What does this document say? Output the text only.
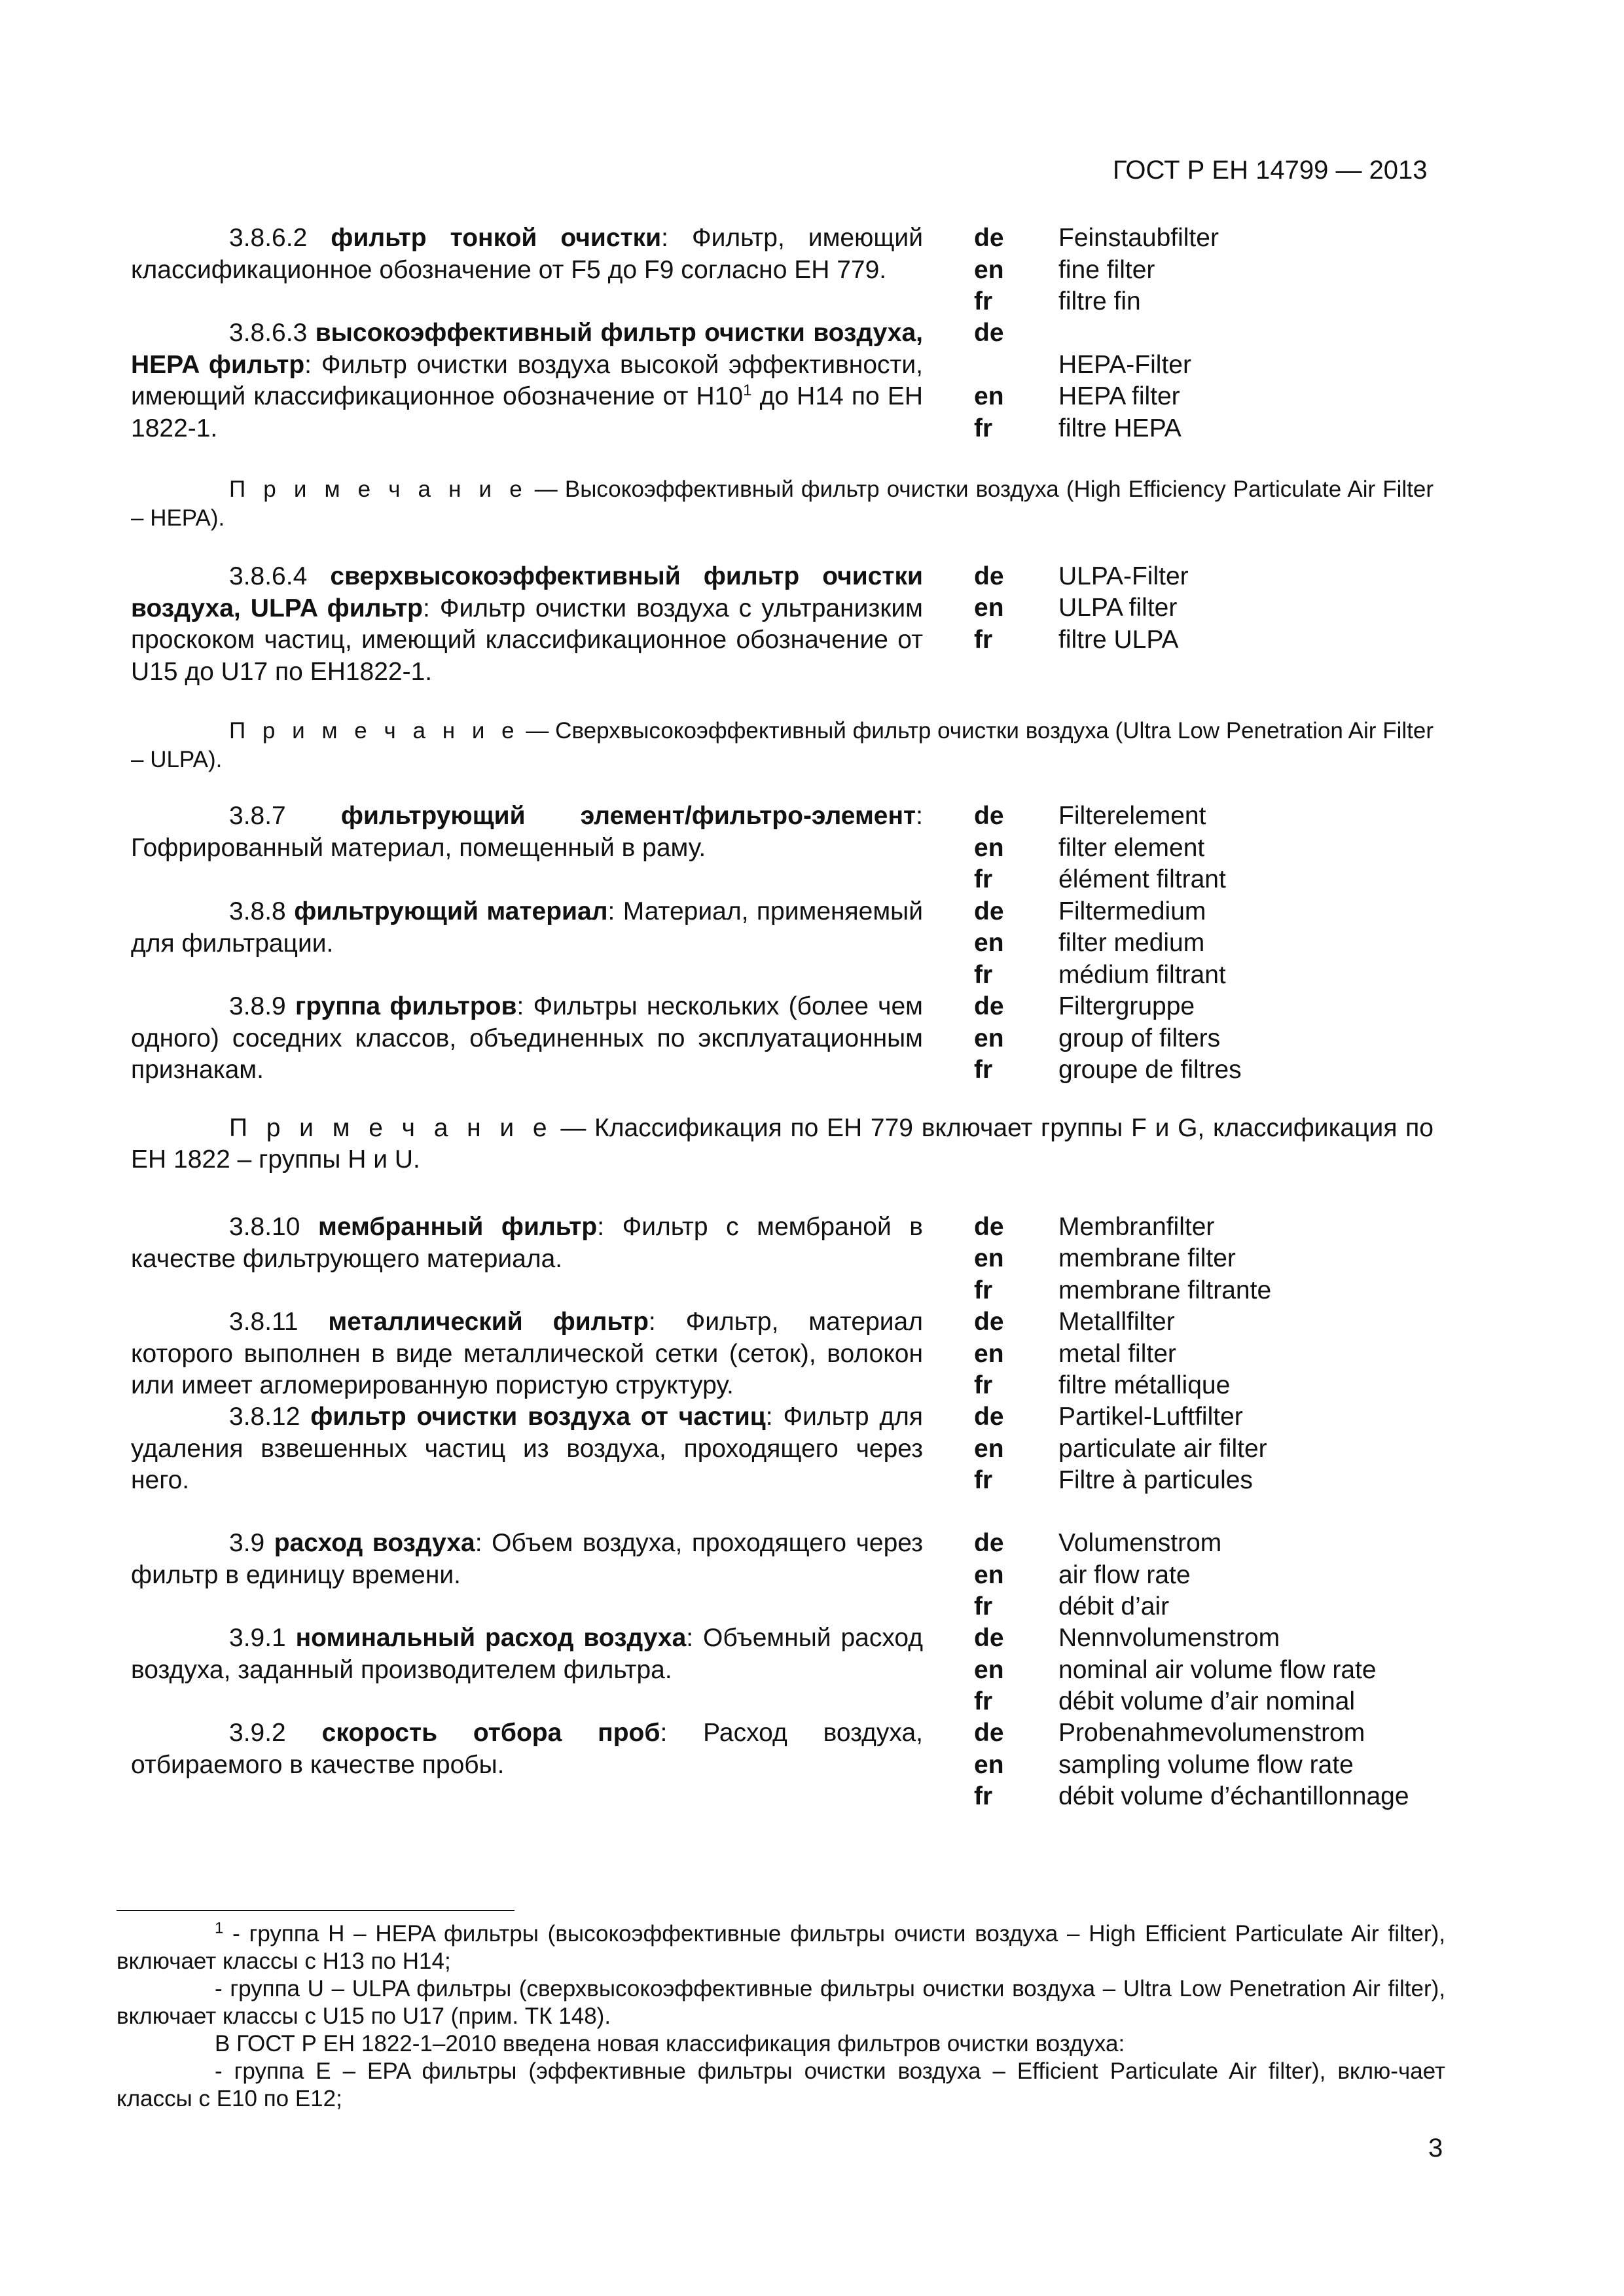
ГОСТ Р ЕН 14799 — 2013

3.8.6.2 фильтр тонкой очистки: Фильтр, имеющий классификационное обозначение от F5 до F9 согласно ЕН 779.

3.8.6.3 высокоэффективный фильтр очистки воздуха, HEPA фильтр: Фильтр очистки воздуха высокой эффективности, имеющий классификационное обозначение от $H10^1$ до H14 по ЕН 1822-1.

П р и м е ч а н и е — Высокоэффективный фильтр очистки воздуха (High Efficiency Particulate Air Filter – HEPA).

3.8.6.4 сверхвысокоэффективный фильтр очистки воздуха, ULPA фильтр: Фильтр очистки воздуха с ультранизким проскоком частиц, имеющий классификационное обозначение от U15 до U17 по ЕН1822-1.

П р и м е ч а н и е — Сверхвысокоэффективный фильтр очистки воздуха (Ultra Low Penetration Air Filter – ULPA).

3.8.7 фильтрующий элемент/фильтро-элемент: Гофрированный материал, помещенный в раму.

3.8.8 фильтрующий материал: Материал, применяемый для фильтрации.

3.8.9 группа фильтров: Фильтры нескольких (более чем одного) соседних классов, объединенных по эксплуатационным признакам.

П р и м е ч а н и е — Классификация по ЕН 779 включает группы F и G, классификация по ЕН 1822 – группы H и U.

3.8.10 мембранный фильтр: Фильтр с мембраной в качестве фильтрующего материала.

3.8.11 металлический фильтр: Фильтр, материал которого выполнен в виде металлической сетки (сеток), волокон или имеет агломерированную пористую структуру.

3.8.12 фильтр очистки воздуха от частиц: Фильтр для удаления взвешенных частиц из воздуха, проходящего через него.

3.9 расход воздуха: Объем воздуха, проходящего через фильтр в единицу времени.

3.9.1 номинальный расход воздуха: Объемный расход воздуха, заданный производителем фильтра.

3.9.2 скорость отбора проб: Расход воздуха, отбираемого в качестве пробы.

de Feinstaubfilter
en fine filter
fr	filtre fin
de
HEPA-Filter
en HEPA filter
fr	filtre HEPA
de ULPA-Filter
en ULPA filter
fr	filtre ULPA
de Filterelement
en filter element
fr	élément filtrant
de Filtermedium
en filter medium
fr	médium filtrant
de Filtergruppe
en group of filters
fr	groupe de filtres
de Membranfilter
en membrane filter
fr	membrane filtrante
de Metallfilter
en metal filter
fr	filtre métallique
de Partikel-Luftfilter
en particulate air filter
fr	Filtre à particules
de Volumenstrom
en air flow rate
fr	débit d’air
de Nennvolumenstrom
en nominal air volume flow rate
fr	débit volume d’air nominal
de Probenahmevolumenstrom
en sampling volume flow rate
fr	débit volume d’échantillonnage

$^1$ - группа Н – HEPA фильтры (высокоэффективные фильтры очисти воздуха – High Efficient Particulate Air filter), включает классы с Н13 по Н14;

- группа U – ULPA фильтры (сверхвысокоэффективные фильтры очистки воздуха – Ultra Low Penetration Air filter), включает классы с U15 по U17 (прим. ТК 148).

В ГОСТ Р ЕН 1822-1–2010 введена новая классификация фильтров очистки воздуха:

- группа Е – EPA фильтры (эффективные фильтры очистки воздуха – Efficient Particulate Air filter), вклю-чает классы с Е10 по Е12;

3
